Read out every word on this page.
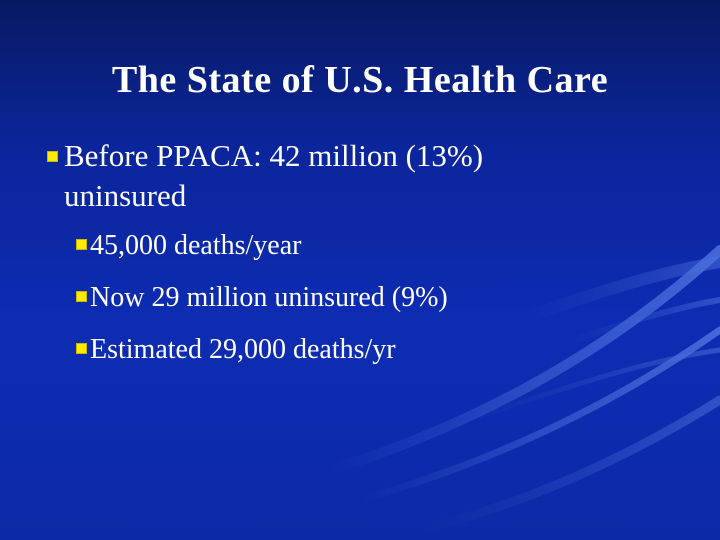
The State of U.S. Health Care
Before PPACA: 42 million (13%)
uninsured
45,000 deaths/year
Now 29 million uninsured (9%)
Estimated 29,000 deaths/yr
